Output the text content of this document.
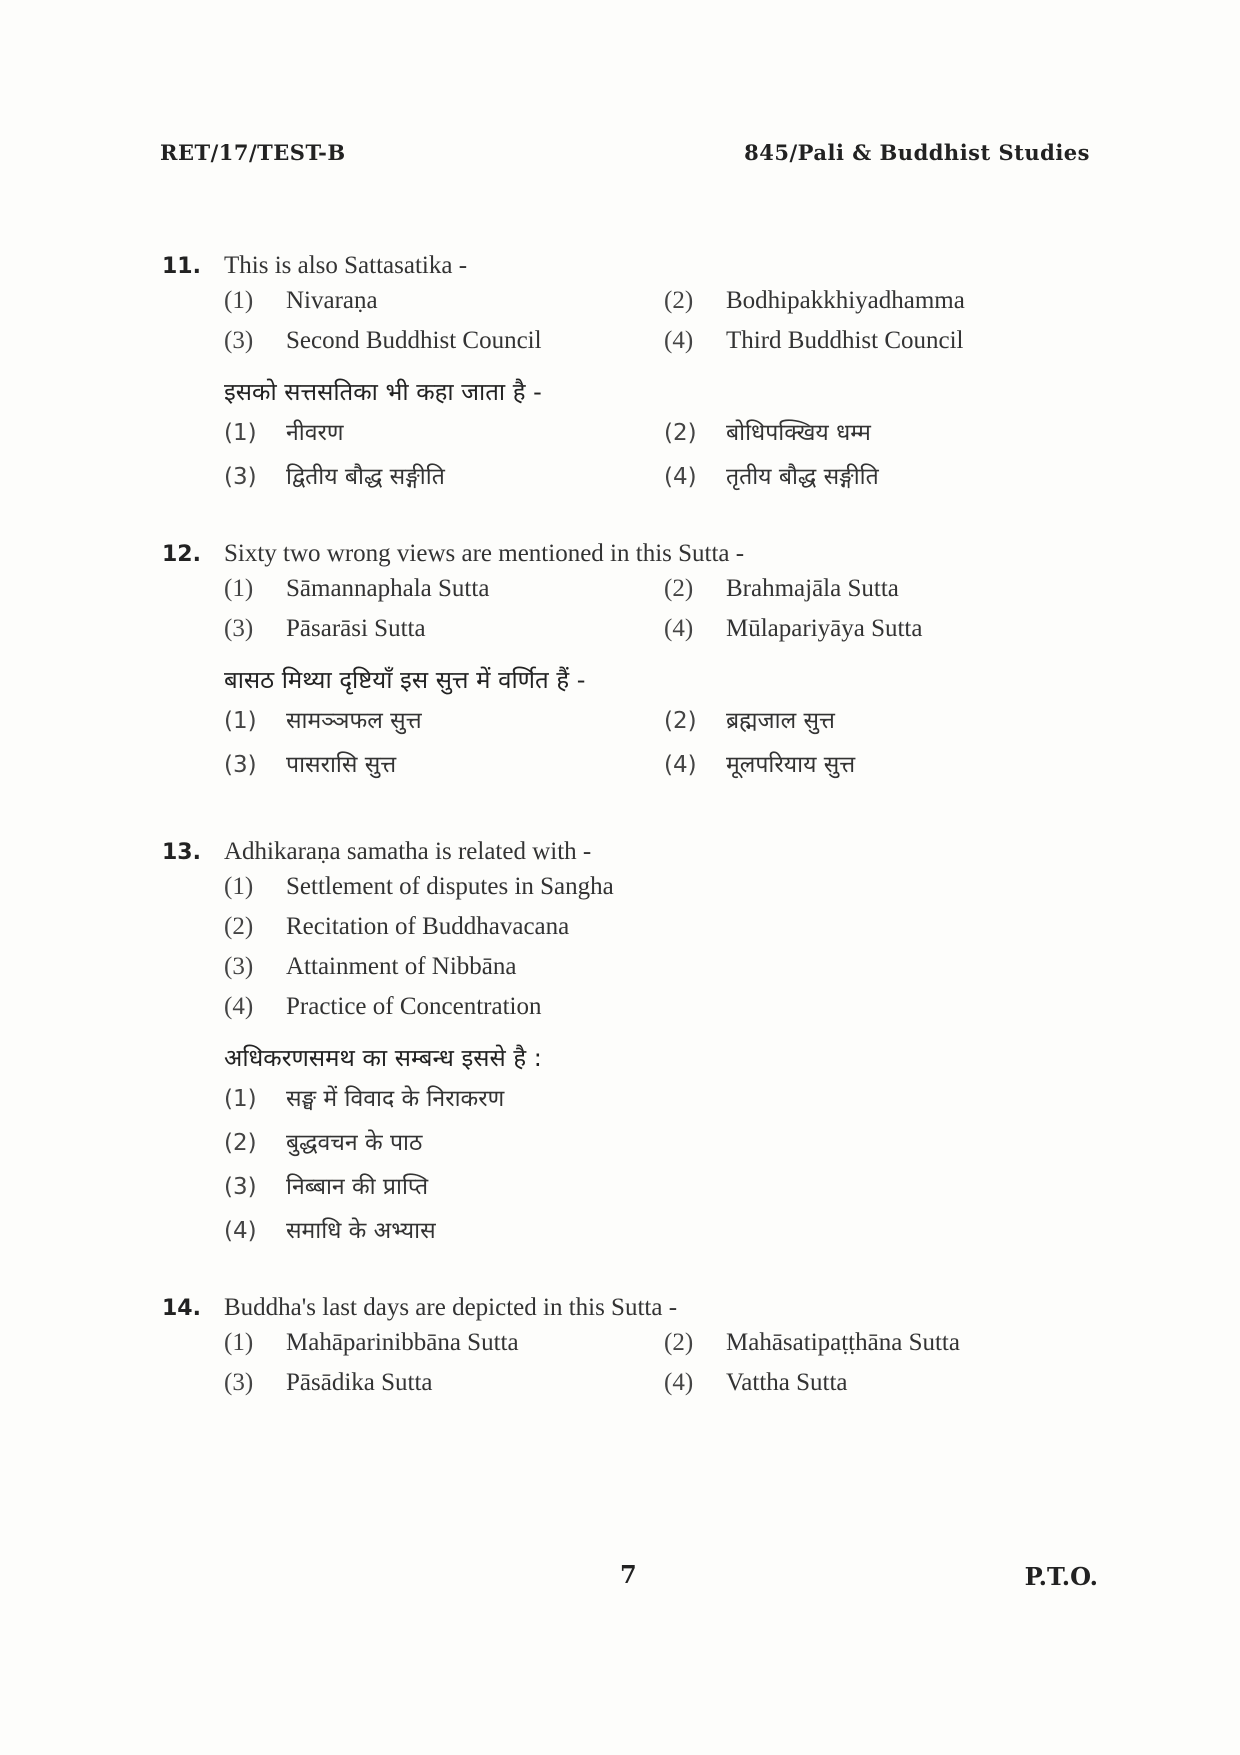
RET/17/TEST-B	845/Pali & Buddhist Studies
11. This is also Sattasatika -
(1)	Nivaraṇa	(2)	Bodhipakkhiyadhamma
(3)	Second Buddhist Council	(4)	Third Buddhist Council
इसको सत्तसतिका भी कहा जाता है -
(1)	नीवरण	(2)	बोधिपक्खिय धम्म
(3)	द्वितीय बौद्ध सङ्गीति	(4)	तृतीय बौद्ध सङ्गीति
12. Sixty two wrong views are mentioned in this Sutta -
(1)	Sāmannaphala Sutta	(2)	Brahmajāla Sutta
(3)	Pāsarāsi Sutta	(4)	Mūlapariyāya Sutta
बासठ मिथ्या दृष्टियाँ इस सुत्त में वर्णित हैं -
(1)	सामञ्ञफल सुत्त	(2)	ब्रह्मजाल सुत्त
(3)	पासरासि सुत्त	(4)	मूलपरियाय सुत्त
13. Adhikaraṇa samatha is related with -
(1)	Settlement of disputes in Sangha
(2)	Recitation of Buddhavacana
(3)	Attainment of Nibbāna
(4)	Practice of Concentration
अधिकरणसमथ का सम्बन्ध इससे है :
(1)	सङ्घ में विवाद के निराकरण
(2)	बुद्धवचन के पाठ
(3)	निब्बान की प्राप्ति
(4)	समाधि के अभ्यास
14. Buddha's last days are depicted in this Sutta -
(1)	Mahāparinibbāna Sutta	(2)	Mahāsatipaṭṭhāna Sutta
(3)	Pāsādika Sutta	(4)	Vattha Sutta
7	P.T.O.
